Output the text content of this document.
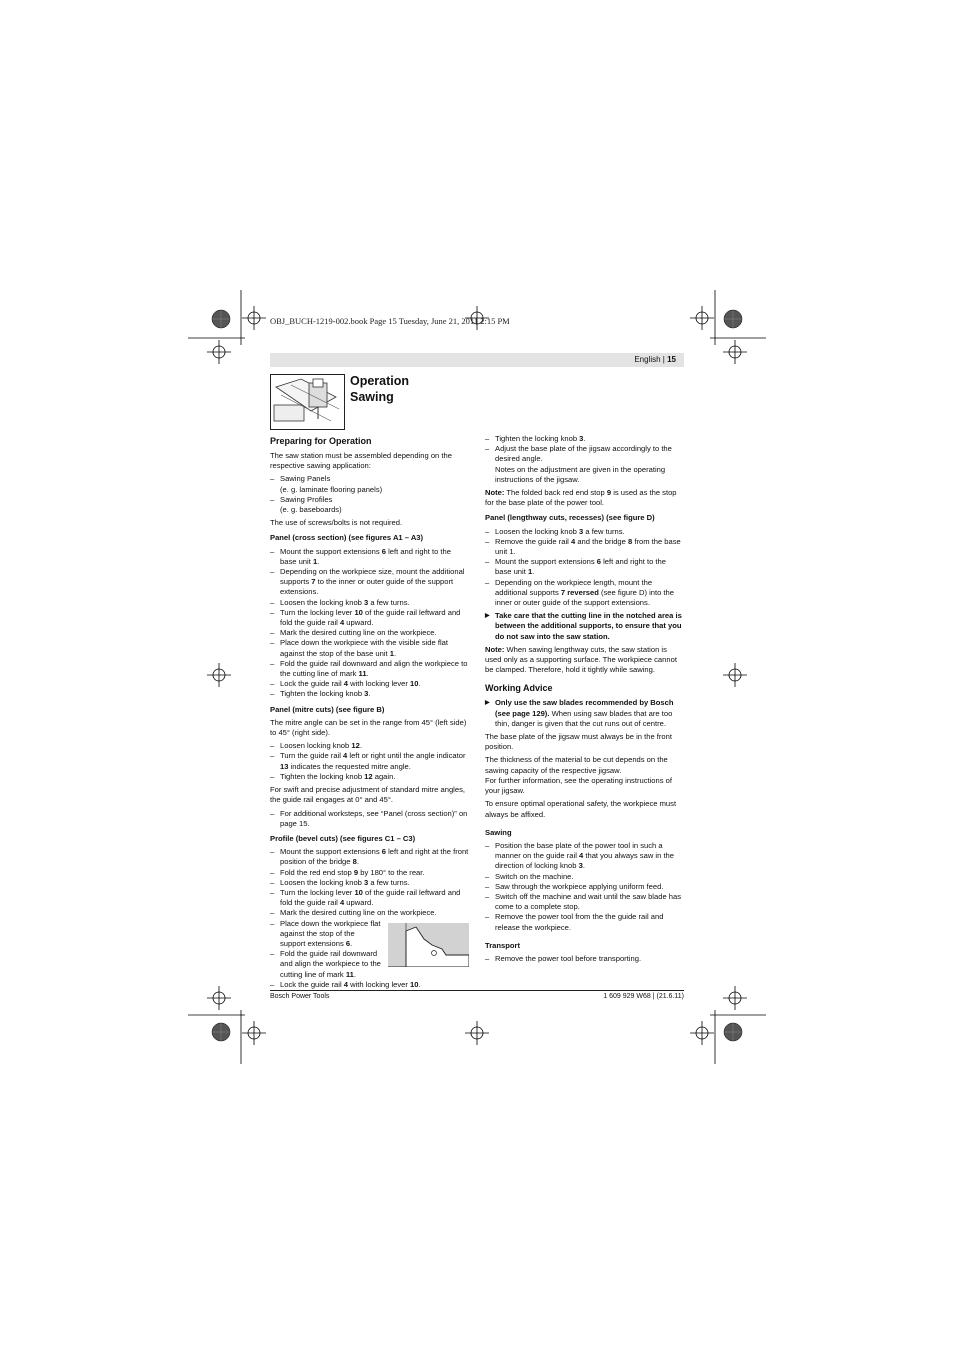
OBJ_BUCH-1219-002.book Page 15 Tuesday, June 21, 2011 2:15 PM
English | 15
Operation
Sawing
Preparing for Operation

The saw station must be assembled depending on the respective sawing application:

– Sawing Panels
(e. g. laminate flooring panels)
– Sawing Profiles
(e. g. baseboards)

The use of screws/bolts is not required.

Panel (cross section) (see figures A1 – A3)
– Mount the support extensions 6 left and right to the base unit 1.
– Depending on the workpiece size, mount the additional supports 7 to the inner or outer guide of the support extensions.
– Loosen the locking knob 3 a few turns.
– Turn the locking lever 10 of the guide rail leftward and fold the guide rail 4 upward.
– Mark the desired cutting line on the workpiece.
– Place down the workpiece with the visible side flat against the stop of the base unit 1.
– Fold the guide rail downward and align the workpiece to the cutting line of mark 11.
– Lock the guide rail 4 with locking lever 10.
– Tighten the locking knob 3.
Panel (mitre cuts) (see figure B)

The mitre angle can be set in the range from 45° (left side) to 45° (right side).

– Loosen locking knob 12.
– Turn the guide rail 4 left or right until the angle indicator 13 indicates the requested mitre angle.
– Tighten the locking knob 12 again.

For swift and precise adjustment of standard mitre angles, the guide rail engages at 0° and 45°.

– For additional worksteps, see “Panel (cross section)” on page 15.
Profile (bevel cuts) (see figures C1 – C3)
– Mount the support extensions 6 left and right at the front position of the bridge 8.
– Fold the red end stop 9 by 180° to the rear.
– Loosen the locking knob 3 a few turns.
– Turn the locking lever 10 of the guide rail leftward and fold the guide rail 4 upward.
– Mark the desired cutting line on the workpiece.
– Place down the workpiece flat against the stop of the support extensions 6.
– Fold the guide rail downward and align the workpiece to the cutting line of mark 11.
– Lock the guide rail 4 with locking lever 10.
– Tighten the locking knob 3.
– Adjust the base plate of the jigsaw accordingly to the desired angle.

Notes on the adjustment are given in the operating instructions of the jigsaw.

Note: The folded back red end stop 9 is used as the stop for the base plate of the power tool.

Panel (lengthway cuts, recesses) (see figure D)
– Loosen the locking knob 3 a few turns.
– Remove the guide rail 4 and the bridge 8 from the base unit 1.
– Mount the support extensions 6 left and right to the base unit 1.
– Depending on the workpiece length, mount the additional supports 7 reversed (see figure D) into the inner or outer guide of the support extensions.
▶ Take care that the cutting line in the notched area is between the additional supports, to ensure that you do not saw into the saw station.

Note: When sawing lengthway cuts, the saw station is used only as a supporting surface. The workpiece cannot be clamped. Therefore, hold it tightly while sawing.

Working Advice
▶ Only use the saw blades recommended by Bosch (see page 129). When using saw blades that are too thin, danger is given that the cut runs out of centre.

The base plate of the jigsaw must always be in the front position.

The thickness of the material to be cut depends on the sawing capacity of the respective jigsaw.

For further information, see the operating instructions of your jigsaw.

To ensure optimal operational safety, the workpiece must always be affixed.

Sawing
– Position the base plate of the power tool in such a manner on the guide rail 4 that you always saw in the direction of locking knob 3.
– Switch on the machine.
– Saw through the workpiece applying uniform feed.
– Switch off the machine and wait until the saw blade has come to a complete stop.
– Remove the power tool from the the guide rail and release the workpiece.
Transport
– Remove the power tool before transporting.
Bosch Power Tools	1 609 929 W68 | (21.6.11)
